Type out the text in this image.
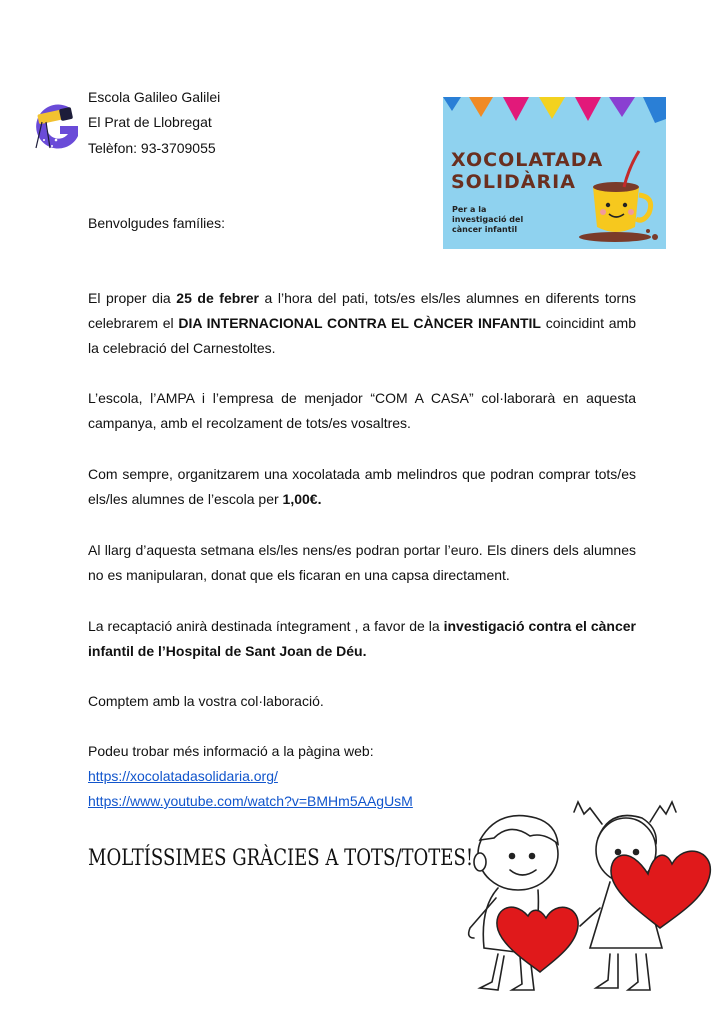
Escola Galileo Galilei
El Prat de Llobregat
Telèfon: 93-3709055
XOCOLATADA
SOLIDÀRIA
Per a la
investigació del
càncer infantil
Benvolgudes famílies:

El proper dia 25 de febrer a l’hora del pati, tots/es els/les alumnes en diferents torns celebrarem el DIA INTERNACIONAL CONTRA EL CÀNCER INFANTIL coincidint amb la celebració del Carnestoltes.

L’escola, l’AMPA i l’empresa de menjador “COM A CASA” col·laborarà en aquesta campanya, amb el recolzament de tots/es vosaltres.

Com sempre, organitzarem una xocolatada amb melindros que podran comprar tots/es els/les alumnes de l’escola per 1,00€.

Al llarg d’aquesta setmana els/les nens/es podran portar l’euro. Els diners dels alumnes no es manipularan, donat que els ficaran en una capsa directament.

La recaptació anirà destinada íntegrament , a favor de la investigació contra el càncer infantil de l’Hospital de Sant Joan de Déu.

Comptem amb la vostra col·laboració.
Podeu trobar més informació a la pàgina web:
https://xocolatadasolidaria.org/
https://www.youtube.com/watch?v=BMHm5AAgUsM
MOLTÍSSIMES GRÀCIES A TOTS/TOTES!
